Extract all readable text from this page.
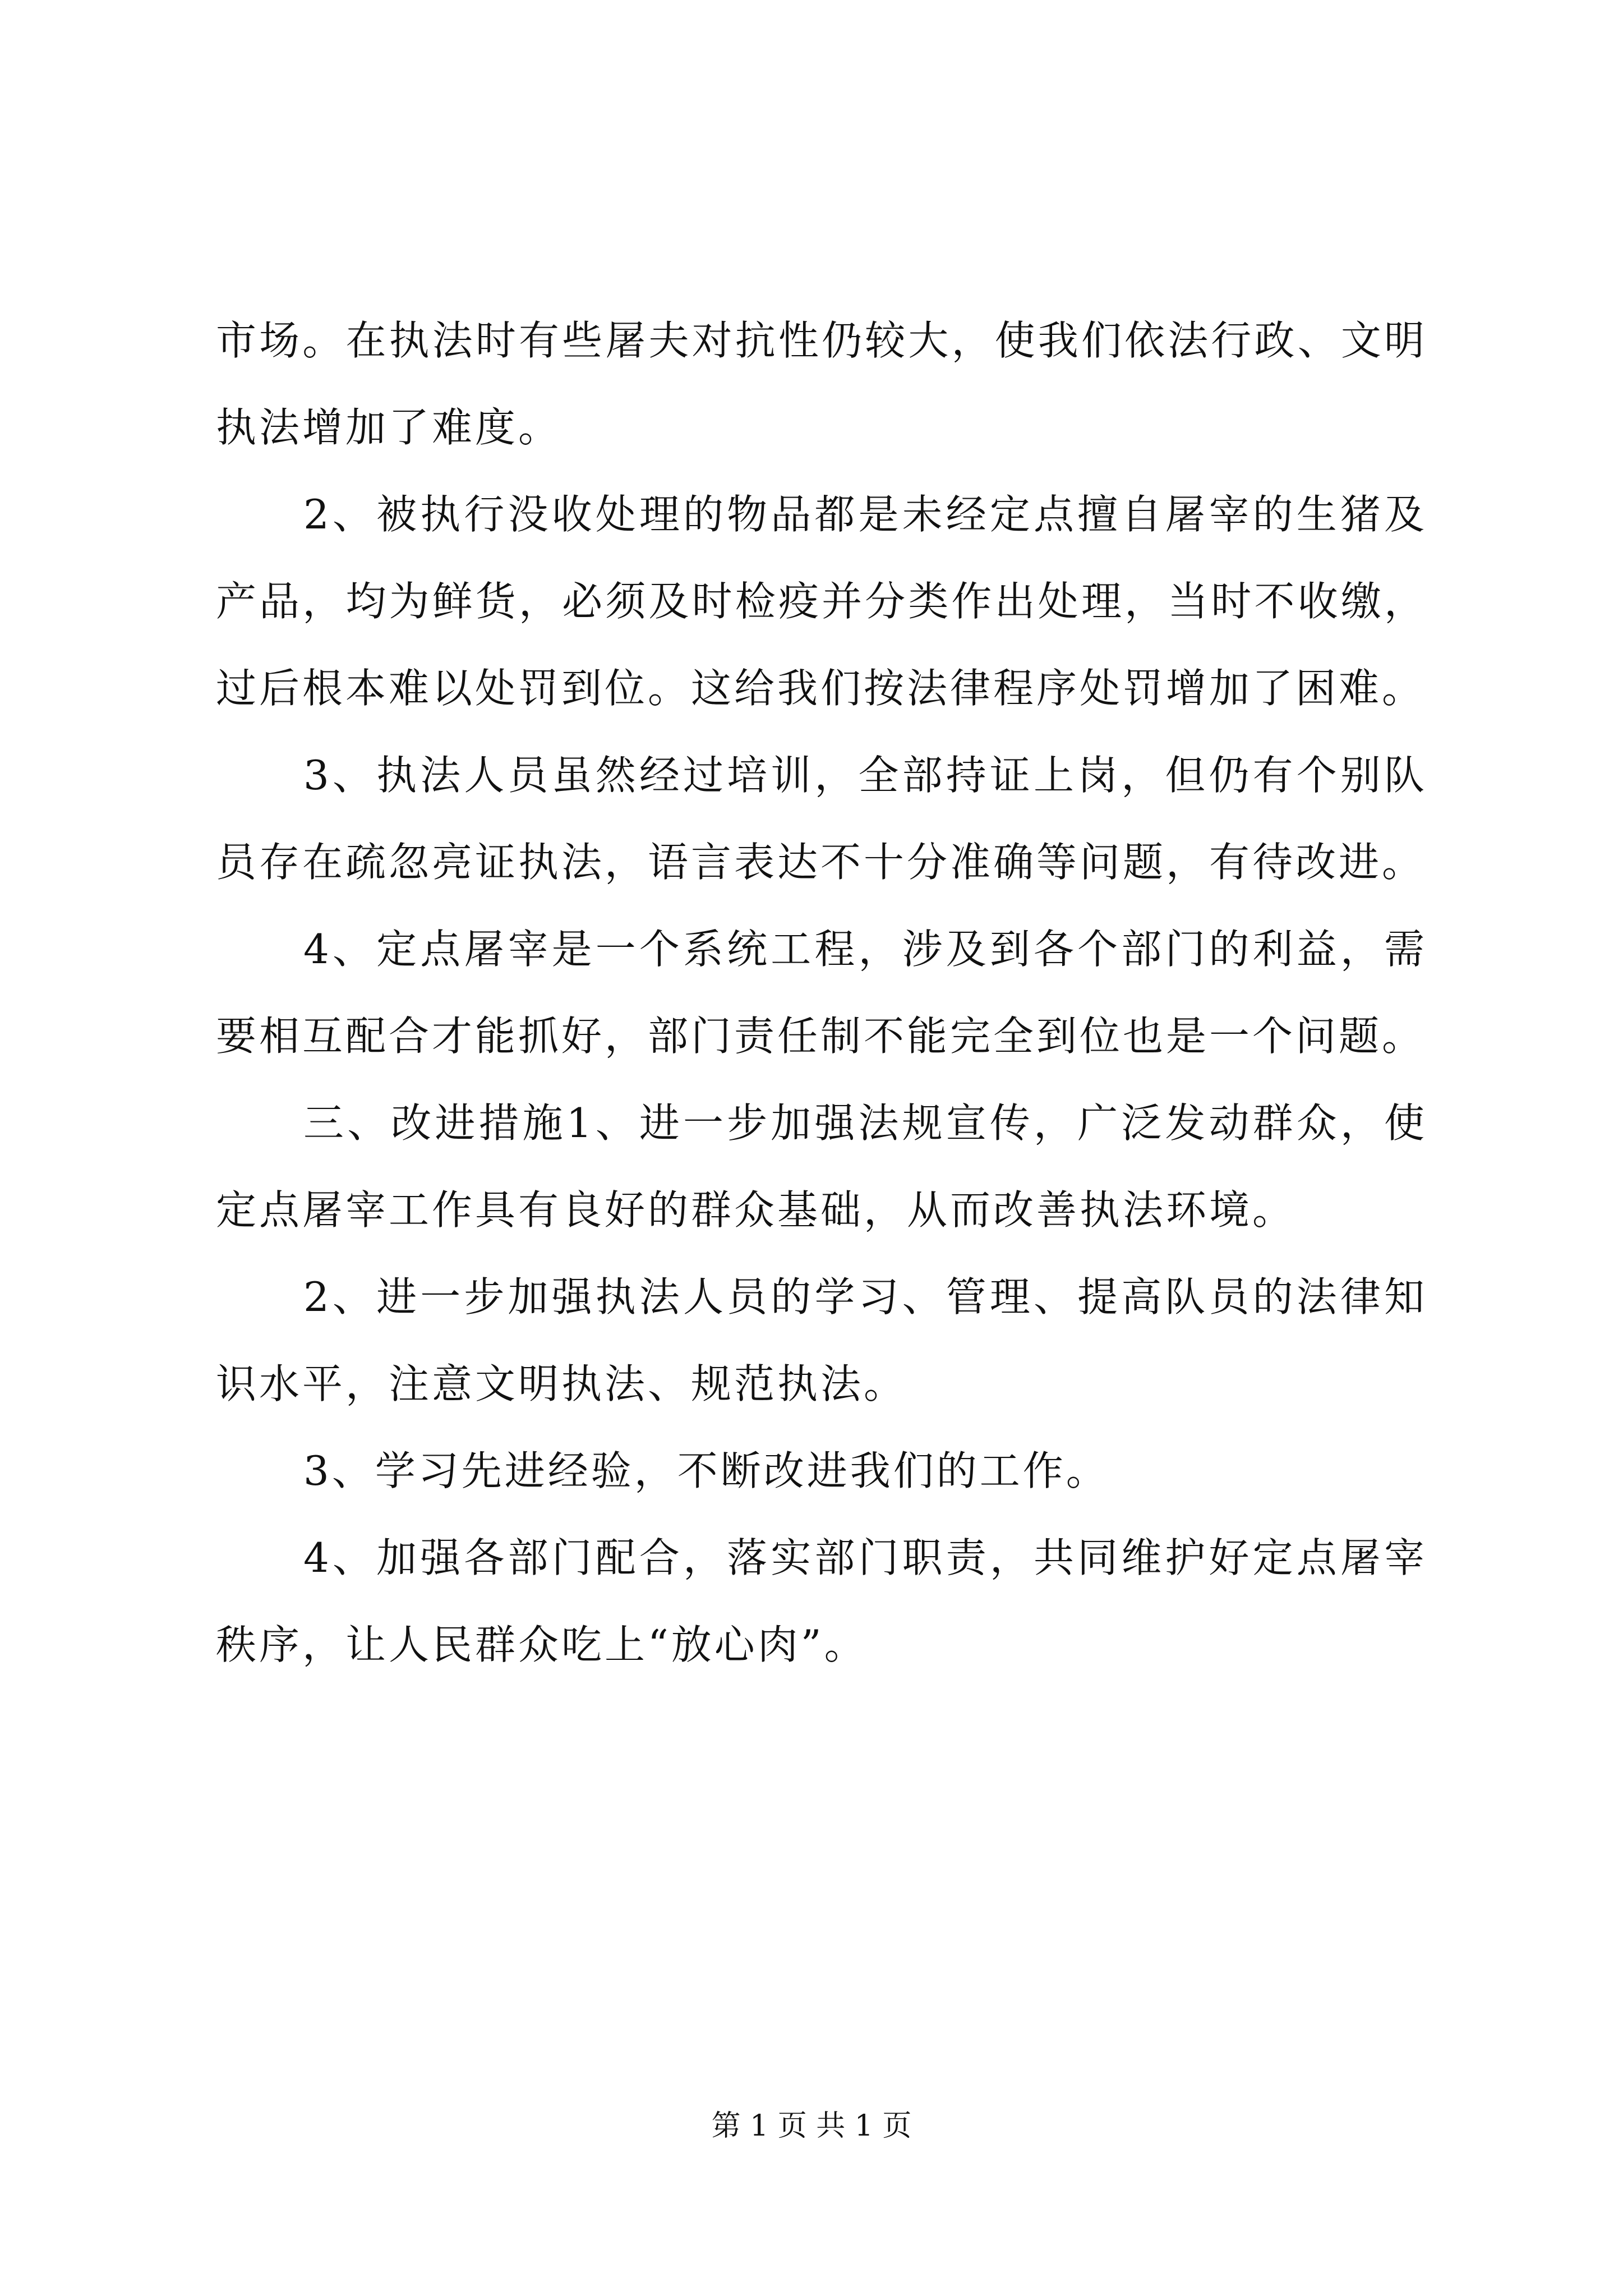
市场。在执法时有些屠夫对抗性仍较大，使我们依法行政、文明执法增加了难度。

2、被执行没收处理的物品都是未经定点擅自屠宰的生猪及产品，均为鲜货，必须及时检疫并分类作出处理，当时不收缴，过后根本难以处罚到位。这给我们按法律程序处罚增加了困难。

3、执法人员虽然经过培训，全部持证上岗，但仍有个别队员存在疏忽亮证执法，语言表达不十分准确等问题，有待改进。

4、定点屠宰是一个系统工程，涉及到各个部门的利益，需要相互配合才能抓好，部门责任制不能完全到位也是一个问题。

三、改进措施1、进一步加强法规宣传，广泛发动群众，使定点屠宰工作具有良好的群众基础，从而改善执法环境。

2、进一步加强执法人员的学习、管理、提高队员的法律知识水平，注意文明执法、规范执法。

3、学习先进经验，不断改进我们的工作。

4、加强各部门配合，落实部门职责，共同维护好定点屠宰秩序，让人民群众吃上“放心肉”。

第 1 页 共 1 页
